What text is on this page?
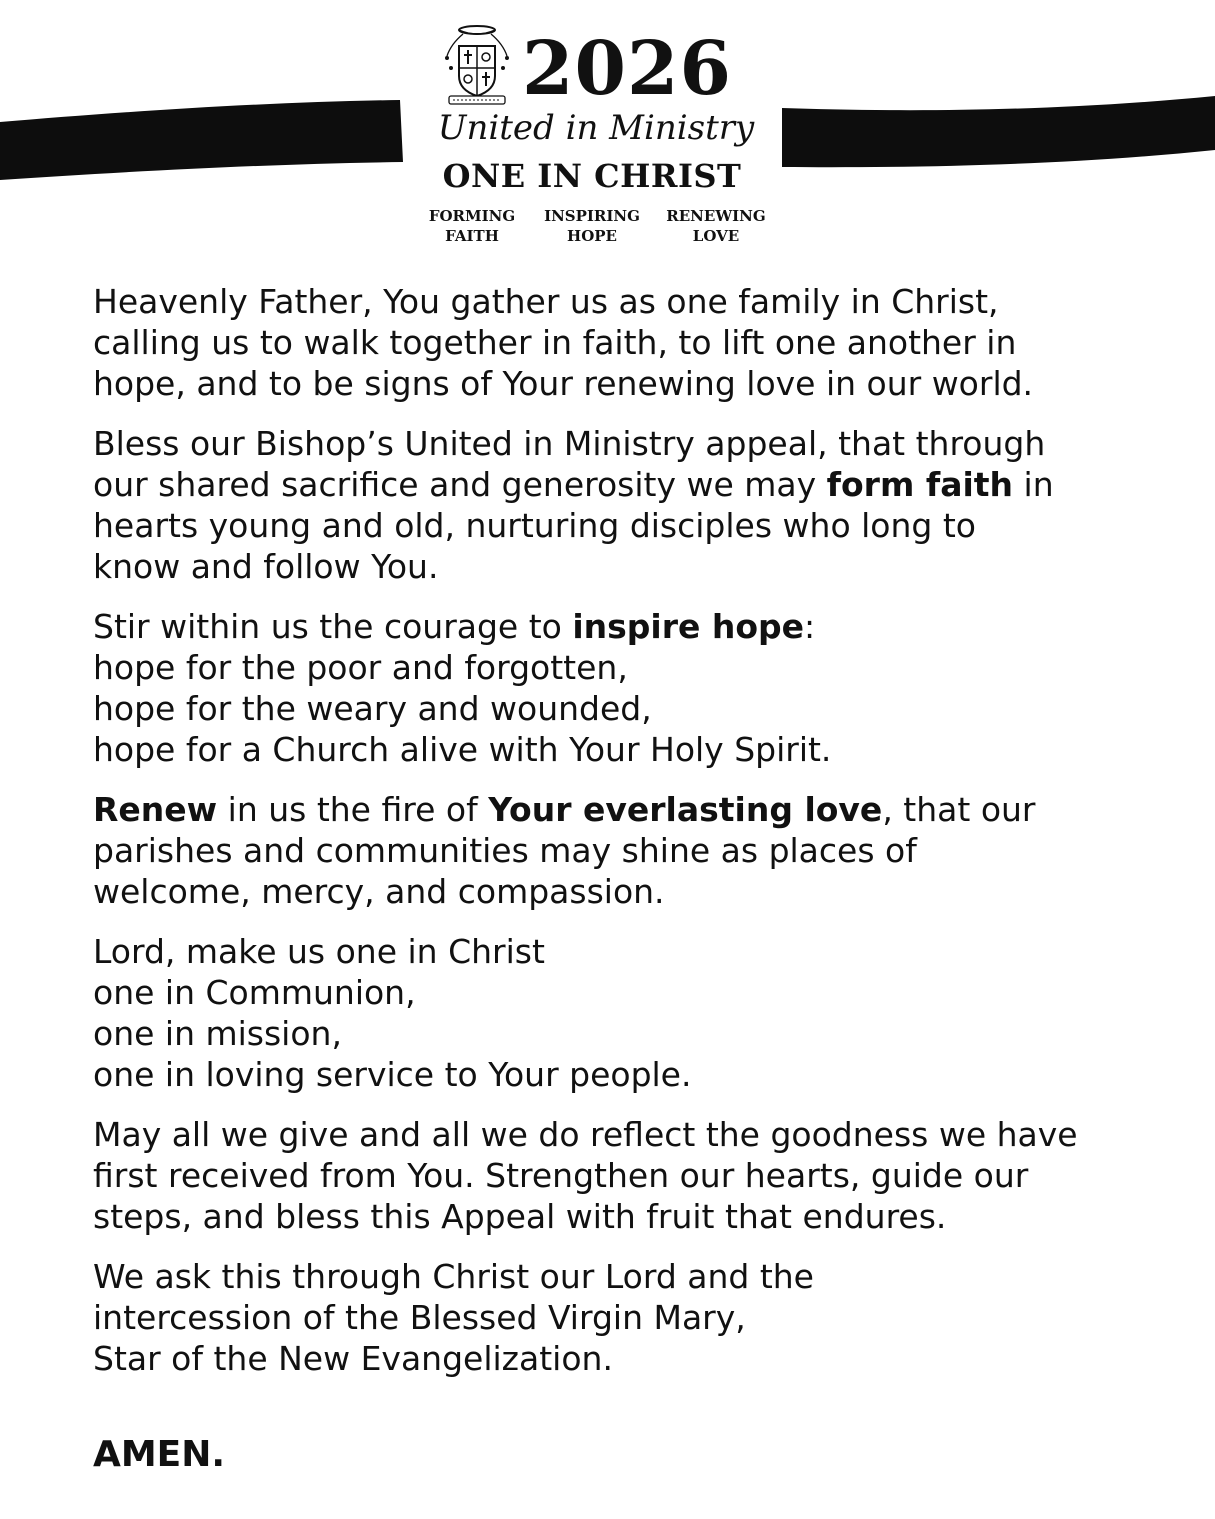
2026
United in Ministry
ONE IN CHRIST
FORMING
FAITH
INSPIRING
HOPE
RENEWING
LOVE
Heavenly Father, You gather us as one family in Christ,
calling us to walk together in faith, to lift one another in
hope, and to be signs of Your renewing love in our world.
Bless our Bishop’s United in Ministry appeal, that through
our shared sacrifice and generosity we may form faith in
hearts young and old, nurturing disciples who long to
know and follow You.
Stir within us the courage to inspire hope:
hope for the poor and forgotten,
hope for the weary and wounded,
hope for a Church alive with Your Holy Spirit.
Renew in us the fire of Your everlasting love, that our
parishes and communities may shine as places of
welcome, mercy, and compassion.
Lord, make us one in Christ
one in Communion,
one in mission,
one in loving service to Your people.
May all we give and all we do reflect the goodness we have
first received from You. Strengthen our hearts, guide our
steps, and bless this Appeal with fruit that endures.
We ask this through Christ our Lord and the
intercession of the Blessed Virgin Mary,
Star of the New Evangelization.
AMEN.
